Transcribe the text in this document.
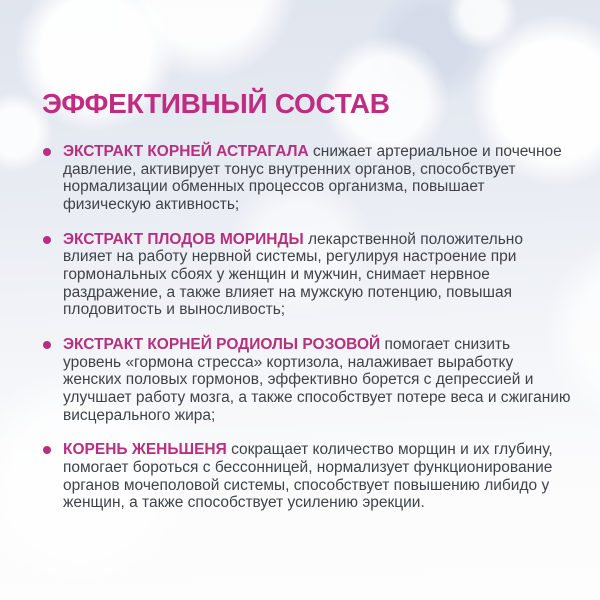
ЭФФЕКТИВНЫЙ СОСТАВ
ЭКСТРАКТ КОРНЕЙ АСТРАГАЛА снижает артериальное и почечное давление, активирует тонус внутренних органов, способствует нормализации обменных процессов организма, повышает физическую активность;
ЭКСТРАКТ ПЛОДОВ МОРИНДЫ лекарственной положительно влияет на работу нервной системы, регулируя настроение при гормональных сбоях у женщин и мужчин, снимает нервное раздражение, а также влияет на мужскую потенцию, повышая плодовитость и выносливость;
ЭКСТРАКТ КОРНЕЙ РОДИОЛЫ РОЗОВОЙ помогает снизить уровень «гормона стресса» кортизола, налаживает выработку женских половых гормонов, эффективно борется с депрессией и улучшает работу мозга, а также способствует потере веса и сжиганию висцерального жира;
КОРЕНЬ ЖЕНЬШЕНЯ сокращает количество морщин и их глубину, помогает бороться с бессонницей, нормализует функционирование органов мочеполовой системы, способствует повышению либидо у женщин, а также способствует усилению эрекции.
